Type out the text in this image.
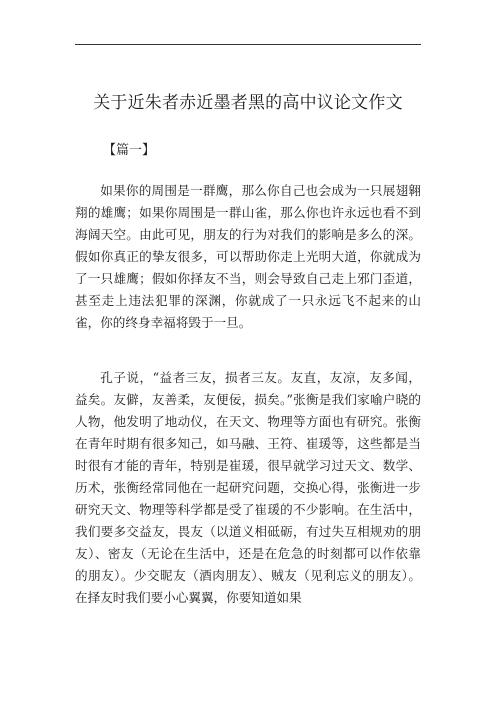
关于近朱者赤近墨者黑的高中议论文作文

【篇一】

如果你的周围是一群鹰，那么你自己也会成为一只展翅翱翔的雄鹰；如果你周围是一群山雀，那么你也许永远也看不到海阔天空。由此可见，朋友的行为对我们的影响是多么的深。假如你真正的挚友很多，可以帮助你走上光明大道，你就成为了一只雄鹰；假如你择友不当，则会导致自己走上邪门歪道，甚至走上违法犯罪的深渊，你就成了一只永远飞不起来的山雀，你的终身幸福将毁于一旦。

孔子说，“益者三友，损者三友。友直，友凉，友多闻，益矣。友僻，友善柔，友便佞，损矣。”张衡是我们家喻户晓的人物，他发明了地动仪，在天文、物理等方面也有研究。张衡在青年时期有很多知己，如马融、王符、崔瑗等，这些都是当时很有才能的青年，特别是崔瑗，很早就学习过天文、数学、历术，张衡经常同他在一起研究问题，交换心得，张衡进一步研究天文、物理等科学都是受了崔瑗的不少影响。在生活中，我们要多交益友，畏友（以道义相砥砺，有过失互相规劝的朋友）、密友（无论在生活中，还是在危急的时刻都可以作依靠的朋友）。少交昵友（酒肉朋友）、贼友（见利忘义的朋友）。在择友时我们要小心翼翼，你要知道如果
